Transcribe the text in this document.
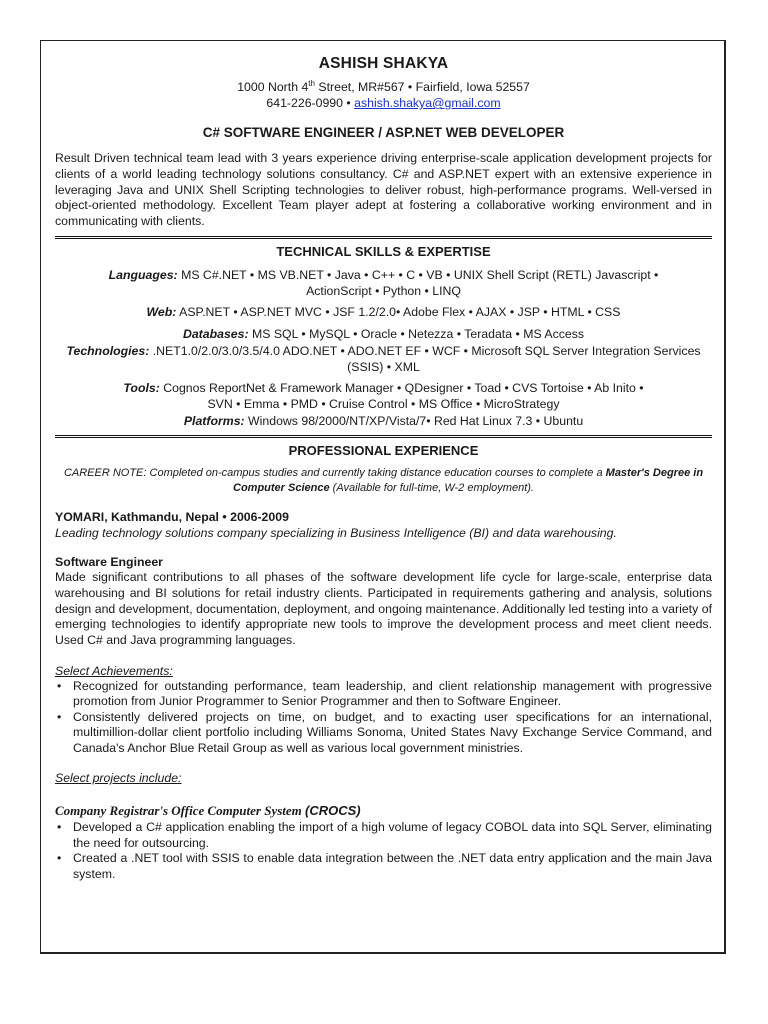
ASHISH SHAKYA
1000 North 4th Street, MR#567 • Fairfield, Iowa 52557
641-226-0990 • ashish.shakya@gmail.com
C# SOFTWARE ENGINEER / ASP.NET WEB DEVELOPER
Result Driven technical team lead with 3 years experience driving enterprise-scale application development projects for clients of a world leading technology solutions consultancy. C# and ASP.NET expert with an extensive experience in leveraging Java and UNIX Shell Scripting technologies to deliver robust, high-performance programs. Well-versed in object-oriented methodology. Excellent Team player adept at fostering a collaborative working environment and in communicating with clients.
TECHNICAL SKILLS & EXPERTISE
Languages: MS C#.NET • MS VB.NET • Java • C++ • C • VB • UNIX Shell Script (RETL) Javascript • ActionScript • Python • LINQ
Web: ASP.NET • ASP.NET MVC • JSF 1.2/2.0• Adobe Flex • AJAX • JSP • HTML • CSS
Databases: MS SQL • MySQL • Oracle • Netezza • Teradata • MS Access
Technologies: .NET1.0/2.0/3.0/3.5/4.0 ADO.NET • ADO.NET EF • WCF • Microsoft SQL Server Integration Services (SSIS) • XML
Tools: Cognos ReportNet & Framework Manager • QDesigner • Toad • CVS Tortoise • Ab Inito • SVN • Emma • PMD • Cruise Control • MS Office • MicroStrategy
Platforms: Windows 98/2000/NT/XP/Vista/7• Red Hat Linux 7.3 • Ubuntu
PROFESSIONAL EXPERIENCE
CAREER NOTE: Completed on-campus studies and currently taking distance education courses to complete a Master's Degree in Computer Science (Available for full-time, W-2 employment).
YOMARI, Kathmandu, Nepal • 2006-2009
Leading technology solutions company specializing in Business Intelligence (BI) and data warehousing.
Software Engineer
Made significant contributions to all phases of the software development life cycle for large-scale, enterprise data warehousing and BI solutions for retail industry clients. Participated in requirements gathering and analysis, solutions design and development, documentation, deployment, and ongoing maintenance. Additionally led testing into a variety of emerging technologies to identify appropriate new tools to improve the development process and meet client needs. Used C# and Java programming languages.
Select Achievements:
• Recognized for outstanding performance, team leadership, and client relationship management with progressive promotion from Junior Programmer to Senior Programmer and then to Software Engineer.
• Consistently delivered projects on time, on budget, and to exacting user specifications for an international, multimillion-dollar client portfolio including Williams Sonoma, United States Navy Exchange Service Command, and Canada's Anchor Blue Retail Group as well as various local government ministries.
Select projects include:
Company Registrar's Office Computer System (CROCS)
• Developed a C# application enabling the import of a high volume of legacy COBOL data into SQL Server, eliminating the need for outsourcing.
• Created a .NET tool with SSIS to enable data integration between the .NET data entry application and the main Java system.
